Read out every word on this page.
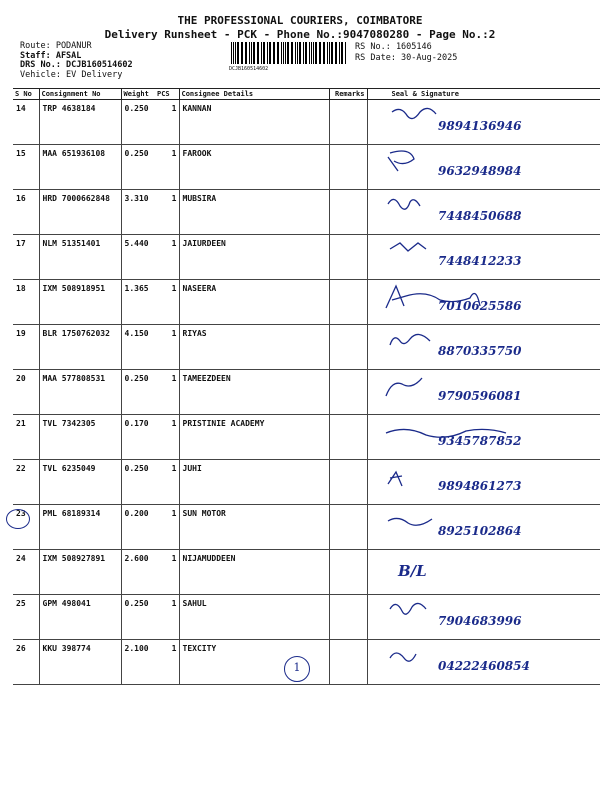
THE PROFESSIONAL COURIERS, COIMBATORE
Delivery Runsheet - PCK - Phone No.:9047080280 - Page No.:2
Route: PODANUR
Staff: AFSAL
DRS No.: DCJB160514602
Vehicle: EV Delivery
DCJB160514602
RS No.: 1605146
RS Date: 30-Aug-2025
S No	Consignment No	Weight	PCS	Consignee Details	Remarks	Seal & Signature
14	TRP 4638184	0.250	1	KANNAN		9894136946

15	MAA 651936108	0.250	1	FAROOK		9632948984

16	HRD 7000662848	3.310	1	MUBSIRA		7448450688

17	NLM 51351401	5.440	1	JAIURDEEN		7448412233

18	IXM 508918951	1.365	1	NASEERA		7010625586

19	BLR 1750762032	4.150	1	RIYAS		8870335750

20	MAA 577808531	0.250	1	TAMEEZDEEN		9790596081

21	TVL 7342305	0.170	1	PRISTINIE ACADEMY		9345787852

22	TVL 6235049	0.250	1	JUHI		9894861273

23	PML 68189314	0.200	1	SUN MOTOR		8925102864

24	IXM 508927891	2.600	1	NIJAMUDDEEN		B/L

25	GPM 498041	0.250	1	SAHUL		7904683996

26	KKU 398774	2.100	1	TEXCITY		04222460854
1
